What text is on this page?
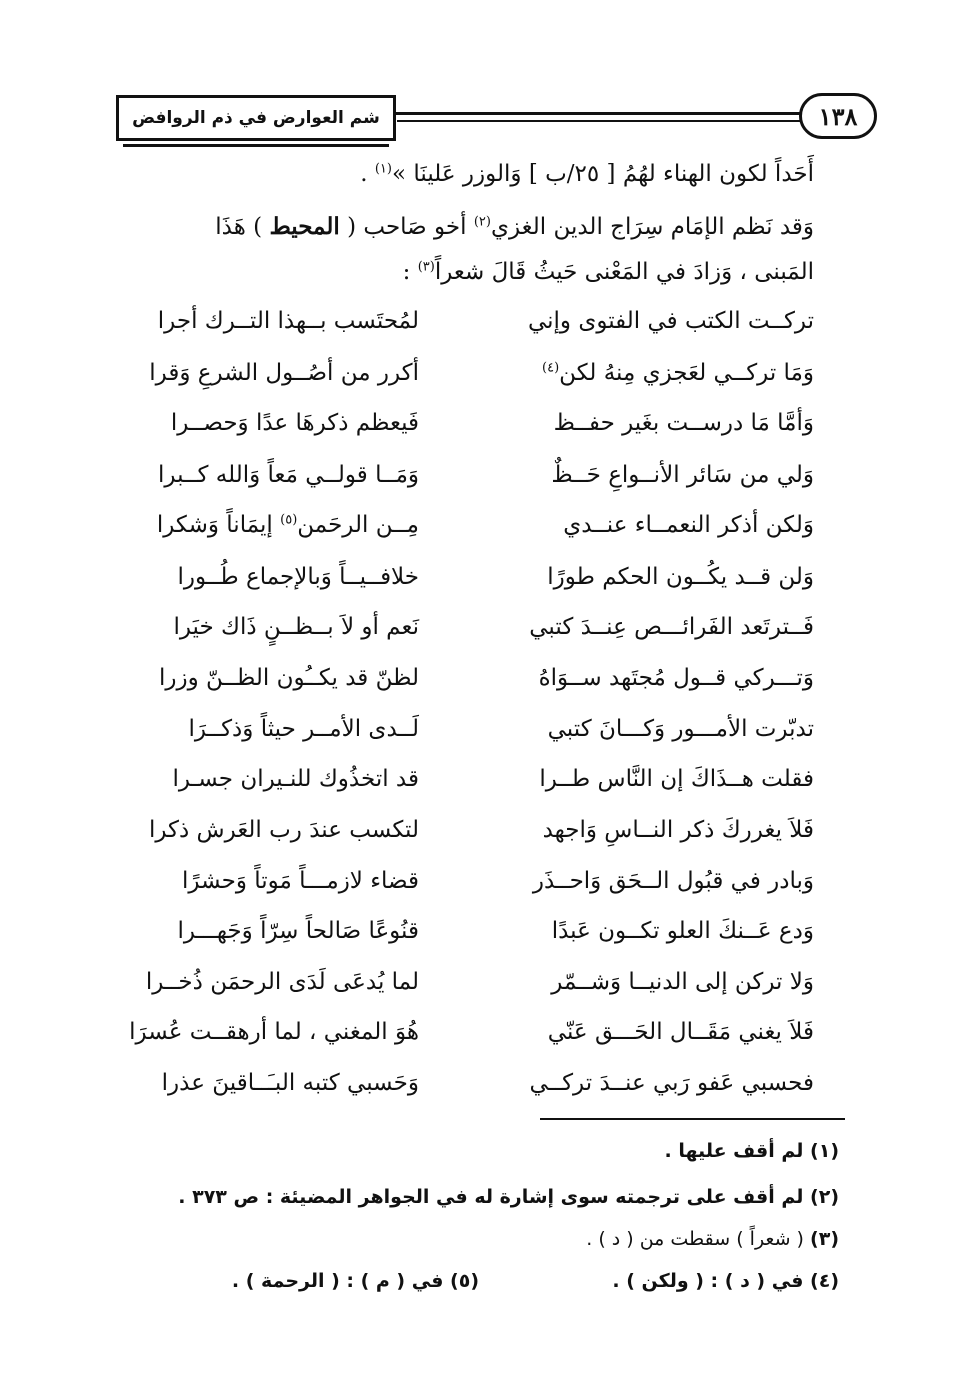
١٣٨
شم العوارض في ذم الروافض
أَحَداً لكون الهناء لهُمُ [ ٢٥/ب ] وَالوزر عَلينَا »$^{(١)}$ .
وَقد نَظم الإمَام سِرَاج الدين الغزي$^{(٢)}$ أخو صَاحب ( المحيط ) هَذَا
المَبنى ، وَزادَ في المَعْنى حَيثُ قَالَ شعراً$^{(٣)}$ :
تركــت الكتب في الفتوى وإني
لمُحتَسب بــهذا التــرك أجرا
وَمَا تركــي لعَجزي مِنهُ لكن$^{(٤)}$
أكرر من أصُــول الشرعِ وَقرا
وَأمَّا مَا درســت بغَير حفــظ
فَيعظم ذكرهَا عدًا وَحصــرا
وَلي من سَائر الأنــواعِ حَــظٌ
وَمَــا قولــي مَعاً وَالله كــبرا
وَلكن أذكر النعمــاء عنــدي
مِــن الرحَمن$^{(٥)}$ إيمَاناً وَشكرا
وَلن قــد يكُــون الحكم طورًا
خلافــيــاً وَبالإجماع طُــورا
فَــترتَعد الفَرائـــص عِنــدَ كتبي
نَعم أو لاَ بــظــنٍ ذَاك خيَرا
وَتـــركي قــول مُجتَهد ســوَاهُ
لظنّ قد يكــُون الظــنّ وزرا
تدبّرت الأمـــور وَكـــانَ كتبي
لَــدى الأمــر حيثاً وَذكــرَا
فقلت هــذَاكَ إن النَّاس طــرا
قد اتخذُوك للنـيران جسـرا
فَلاَ يغرركَ ذكر النــاسِ وَاجهد
لتكسب عندَ رب العَرش ذكرا
وَبادر في قبُول الــحَق وَاحــذَر
قضاء لازمـــاً مَوتاً وَحشرًا
وَدع عَــنكَ العلو تكــون عَبدًا
قنُوعًا صَالحاً سِرّاً وَجَهـــرا
وَلا تركن إلى الدنيــا وَشــمّر
لما يُدعَى لَدَى الرحمَن ذُخــرا
فَلاَ يغني مَقَــال الحَـــق عَنّي
هُوَ المغني ، لما أرهقــت عُسرَا
فحسبي عَفو رَبي عنــدَ تركــي
وَحَسبي كتبه البـَــاقينَ عذرا
(١) لم أقف عليها .
(٢) لم أقف على ترجمته سوى إشارة له في الجواهر المضيئة : ص ٣٧٣ .
(٣) ( شعراً ) سقطت من ( د ) .
(٤) في ( د ) : ( ولكن ) .
(٥) في ( م ) : ( الرحمة ) .
